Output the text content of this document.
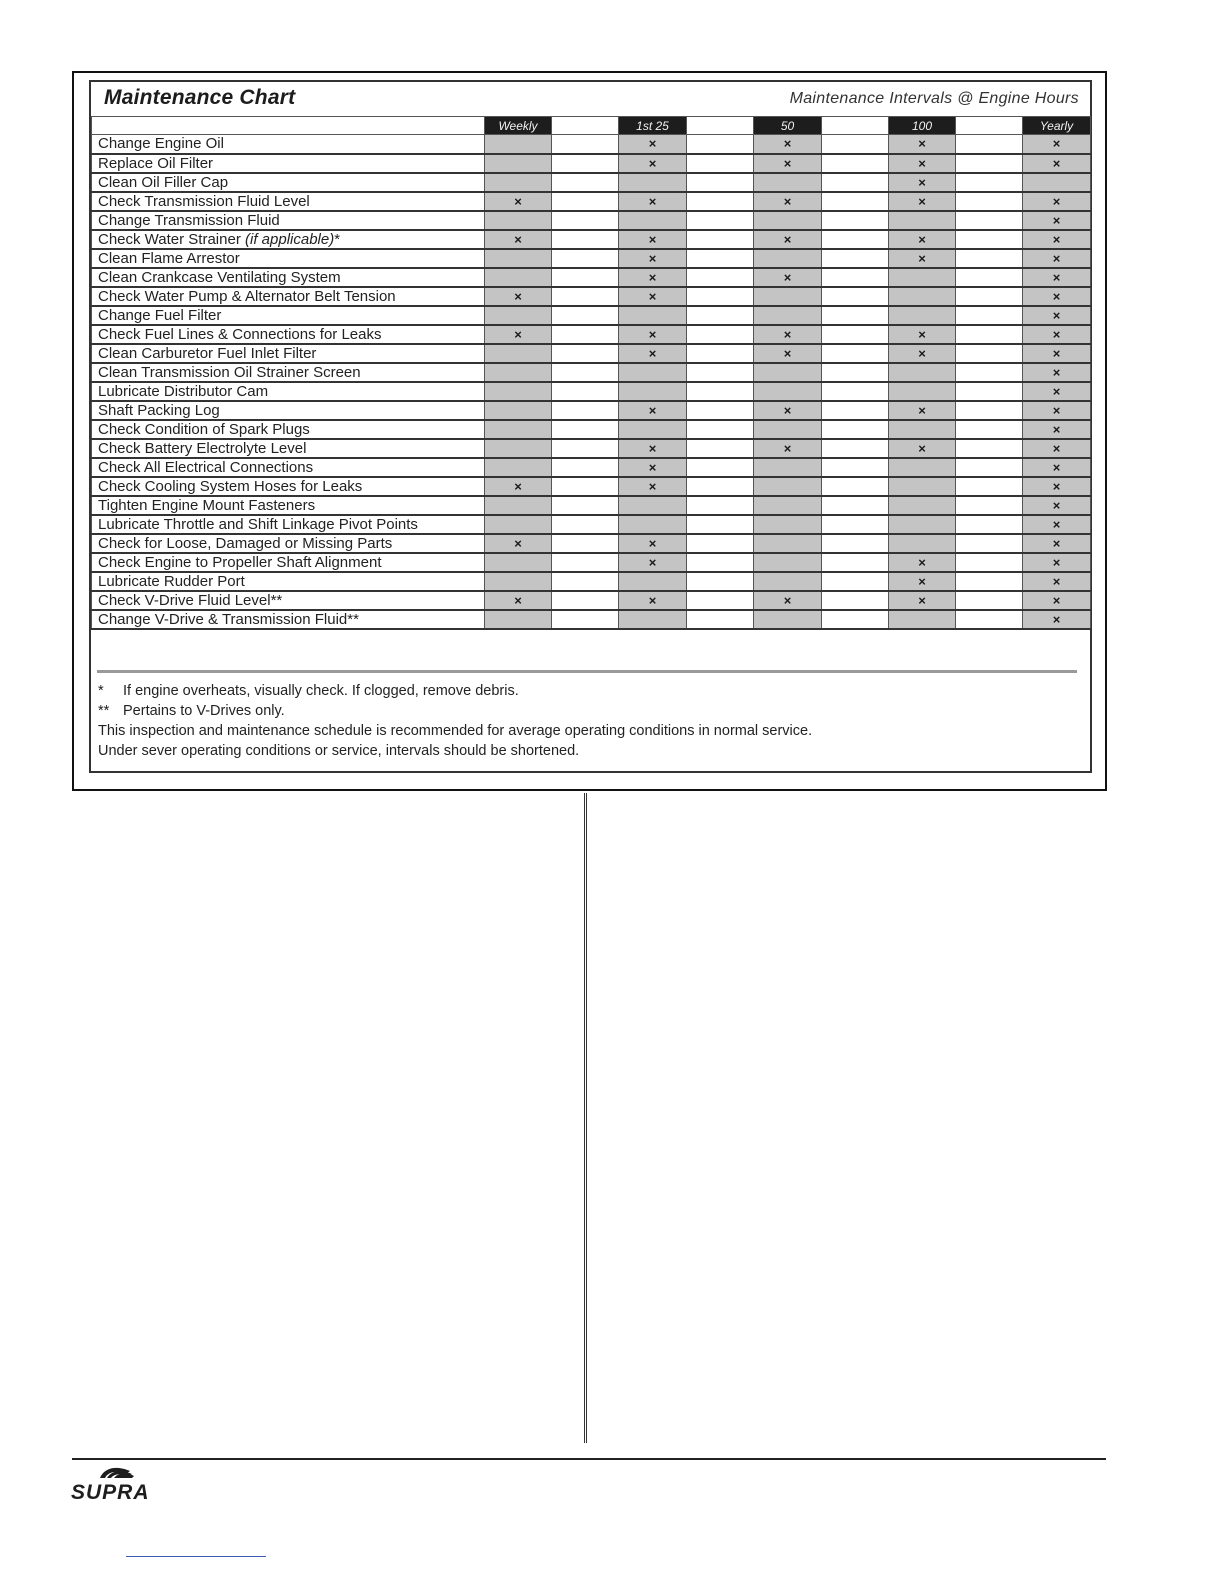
Maintenance Chart	Maintenance Intervals @ Engine Hours
	Weekly		1st 25		50		100		Yearly
Change Engine Oil			×		×		×		×
Replace Oil Filter			×		×		×		×
Clean Oil Filler Cap							×		
Check Transmission Fluid Level	×		×		×		×		×
Change Transmission Fluid									×
Check Water Strainer (if applicable)*	×		×		×		×		×
Clean Flame Arrestor			×				×		×
Clean Crankcase Ventilating System			×		×				×
Check Water Pump & Alternator Belt Tension	×		×						×
Change Fuel Filter									×
Check Fuel Lines & Connections for Leaks	×		×		×		×		×
Clean Carburetor Fuel Inlet Filter			×		×		×		×
Clean Transmission Oil Strainer Screen									×
Lubricate Distributor Cam									×
Shaft Packing Log			×		×		×		×
Check Condition of Spark Plugs									×
Check Battery Electrolyte Level			×		×		×		×
Check All Electrical Connections			×						×
Check Cooling System Hoses for Leaks	×		×						×
Tighten Engine Mount Fasteners									×
Lubricate Throttle and Shift Linkage Pivot Points									×
Check for Loose, Damaged or Missing Parts	×		×						×
Check Engine to Propeller Shaft Alignment			×				×		×
Lubricate Rudder Port							×		×
Check V-Drive Fluid Level**	×		×		×		×		×
Change V-Drive & Transmission Fluid**									×
* If engine overheats, visually check. If clogged, remove debris.
** Pertains to V-Drives only.
This inspection and maintenance schedule is recommended for average operating conditions in normal service.
Under sever operating conditions or service, intervals should be shortened.
SUPRA
